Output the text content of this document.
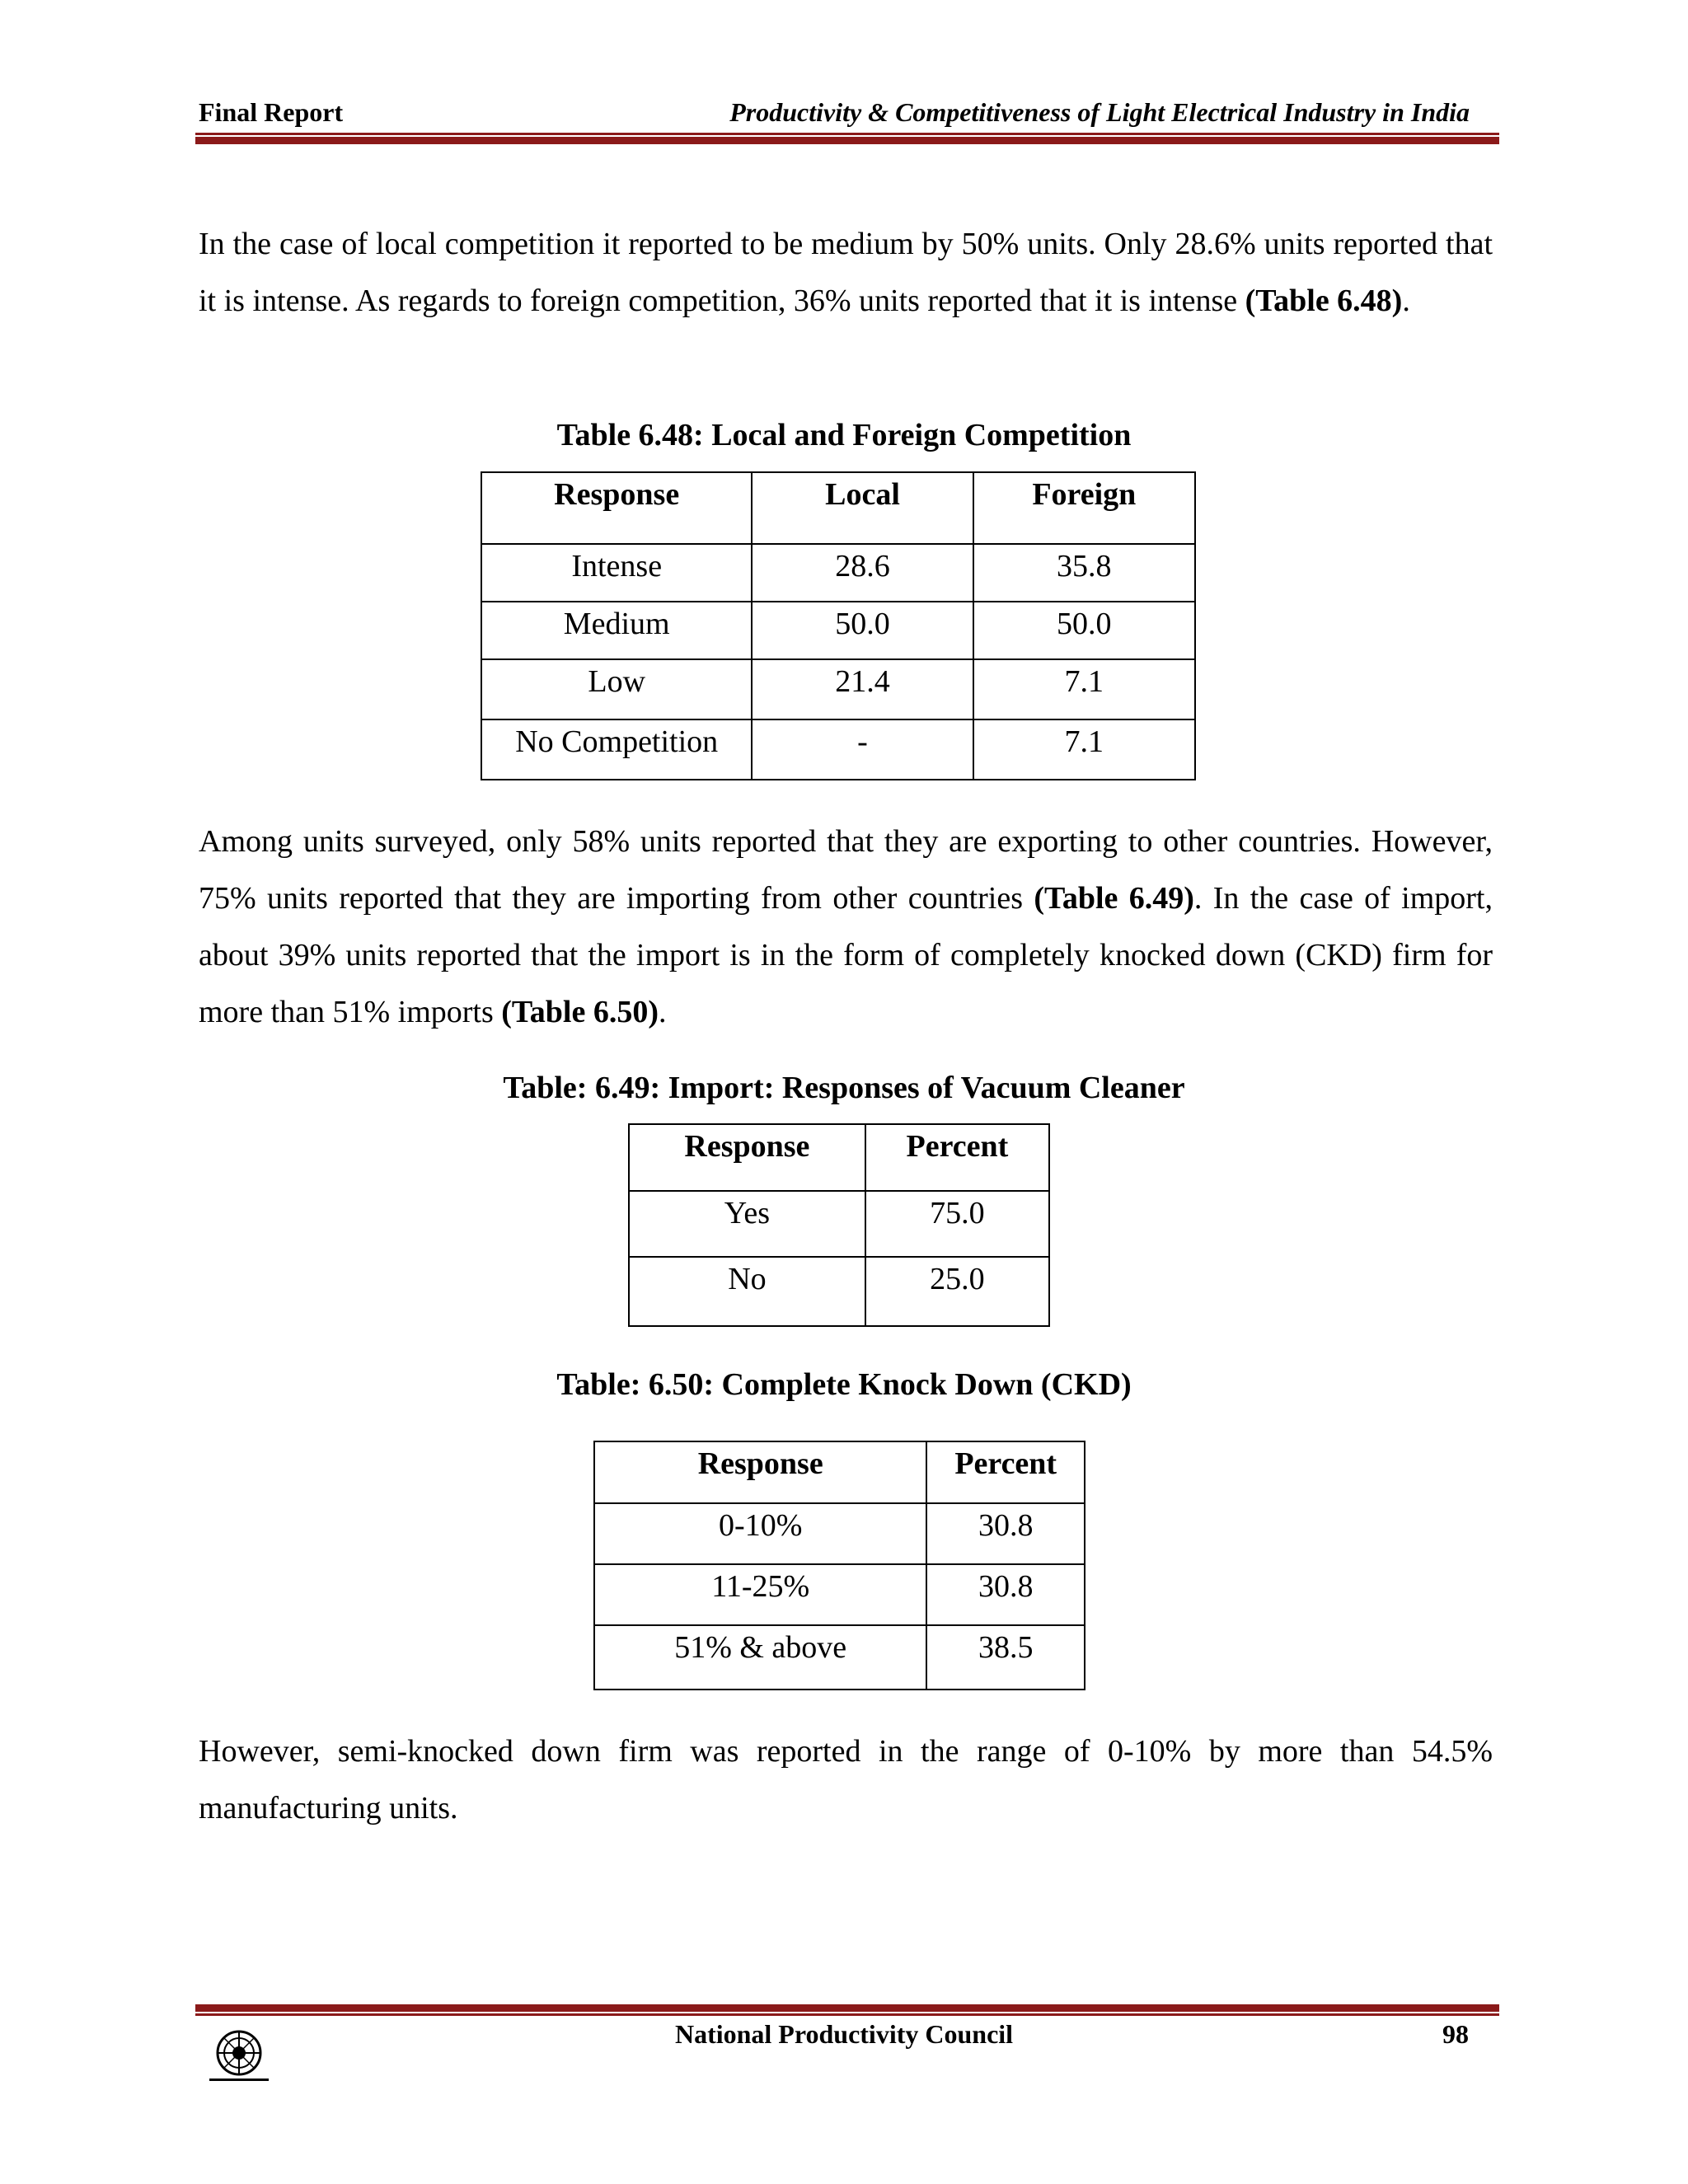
Final Report	Productivity & Competitiveness of Light Electrical Industry in India

In the case of local competition it reported to be medium by 50% units. Only 28.6% units reported that it is intense. As regards to foreign competition, 36% units reported that it is intense (Table 6.48).

Table 6.48: Local and Foreign Competition

Response	Local	Foreign
Intense	28.6	35.8
Medium	50.0	50.0
Low	21.4	7.1
No Competition	-	7.1

Among units surveyed, only 58% units reported that they are exporting to other countries. However, 75% units reported that they are importing from other countries (Table 6.49). In the case of import, about 39% units reported that the import is in the form of completely knocked down (CKD) firm for more than 51% imports (Table 6.50).

Table: 6.49: Import: Responses of Vacuum Cleaner

Response	Percent
Yes	75.0
No	25.0

Table: 6.50: Complete Knock Down (CKD)

Response	Percent
0-10%	30.8
11-25%	30.8
51% & above	38.5

However, semi-knocked down firm was reported in the range of 0-10% by more than 54.5% manufacturing units.

National Productivity Council	98
